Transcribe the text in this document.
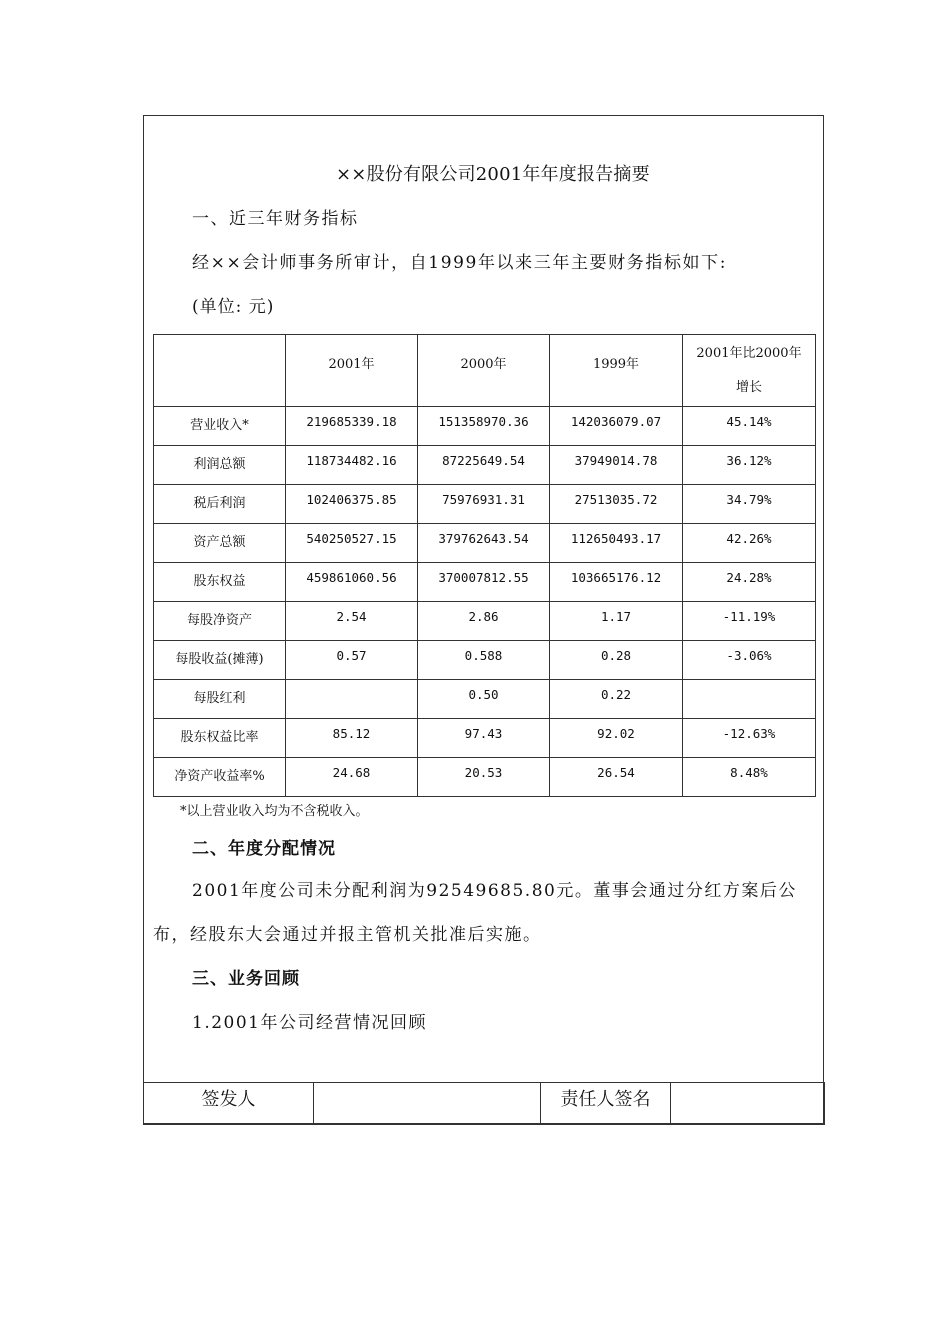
××股份有限公司2001年年度报告摘要
一、近三年财务指标
经××会计师事务所审计，自1999年以来三年主要财务指标如下:
(单位: 元)
	2001年	2000年	1999年	2001年比2000年
增长
营业收入*	219685339.18	151358970.36	142036079.07	45.14%
利润总额	118734482.16	87225649.54	37949014.78	36.12%
税后利润	102406375.85	75976931.31	27513035.72	34.79%
资产总额	540250527.15	379762643.54	112650493.17	42.26%
股东权益	459861060.56	370007812.55	103665176.12	24.28%
每股净资产	2.54	2.86	1.17	-11.19%
每股收益(摊薄)	0.57	0.588	0.28	-3.06%
每股红利		0.50	0.22	
股东权益比率	85.12	97.43	92.02	-12.63%
净资产收益率%	24.68	20.53	26.54	8.48%
*以上营业收入均为不含税收入。
二、年度分配情况
2001年度公司未分配利润为92549685.80元。董事会通过分红方案后公
布，经股东大会通过并报主管机关批准后实施。
三、业务回顾
1.2001年公司经营情况回顾
签发人		责任人签名	
